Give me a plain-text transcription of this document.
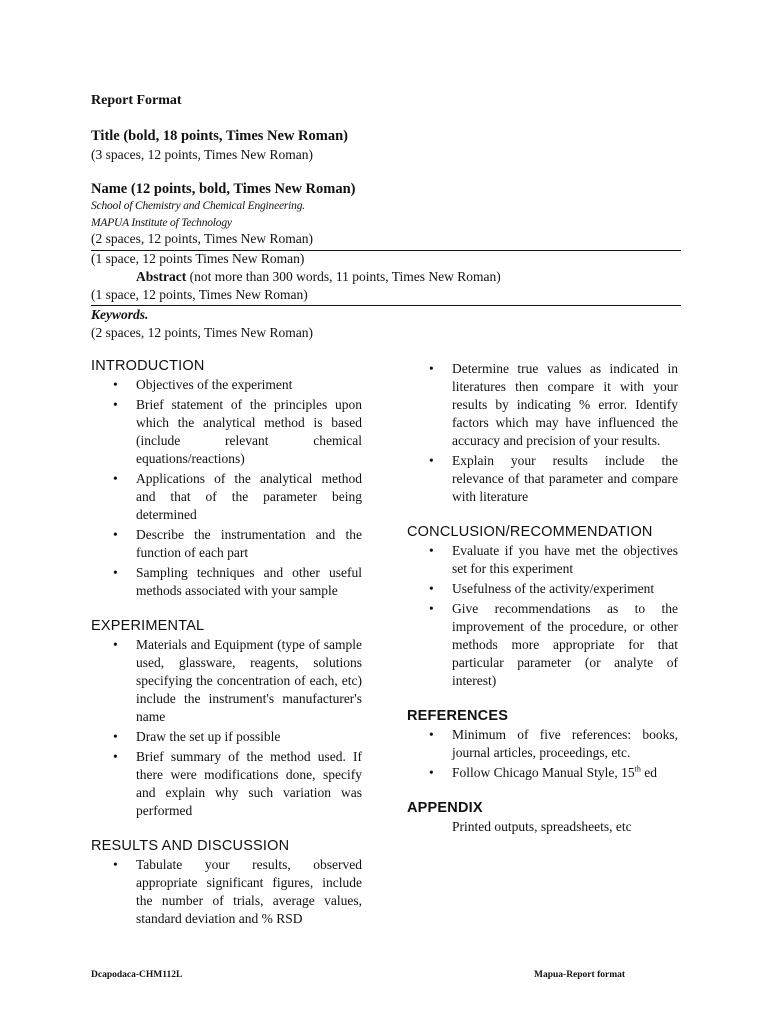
Report Format
Title (bold, 18 points, Times New Roman)
(3 spaces, 12 points, Times New Roman)
Name (12 points, bold, Times New Roman)
School of Chemistry and Chemical Engineering.
MAPUA Institute of Technology
(2 spaces, 12 points, Times New Roman)
(1 space, 12 points Times New Roman)
Abstract (not more than 300 words, 11 points, Times New Roman)
(1 space, 12 points, Times New Roman)
Keywords.
(2 spaces, 12 points, Times New Roman)
INTRODUCTION
• Objectives of the experiment
• Brief statement of the principles upon which the analytical method is based (include relevant chemical equations/reactions)
• Applications of the analytical method and that of the parameter being determined
• Describe the instrumentation and the function of each part
• Sampling techniques and other useful methods associated with your sample
EXPERIMENTAL
• Materials and Equipment (type of sample used, glassware, reagents, solutions specifying the concentration of each, etc) include the instrument's manufacturer's name
• Draw the set up if possible
• Brief summary of the method used. If there were modifications done, specify and explain why such variation was performed
RESULTS AND DISCUSSION
• Tabulate your results, observed appropriate significant figures, include the number of trials, average values, standard deviation and % RSD
• Determine true values as indicated in literatures then compare it with your results by indicating % error. Identify factors which may have influenced the accuracy and precision of your results.
• Explain your results include the relevance of that parameter and compare with literature
CONCLUSION/RECOMMENDATION
• Evaluate if you have met the objectives set for this experiment
• Usefulness of the activity/experiment
• Give recommendations as to the improvement of the procedure, or other methods more appropriate for that particular parameter (or analyte of interest)
REFERENCES
• Minimum of five references: books, journal articles, proceedings, etc.
• Follow Chicago Manual Style, 15th ed
APPENDIX
Printed outputs, spreadsheets, etc
Dcapodaca-CHM112L	Mapua-Report format
